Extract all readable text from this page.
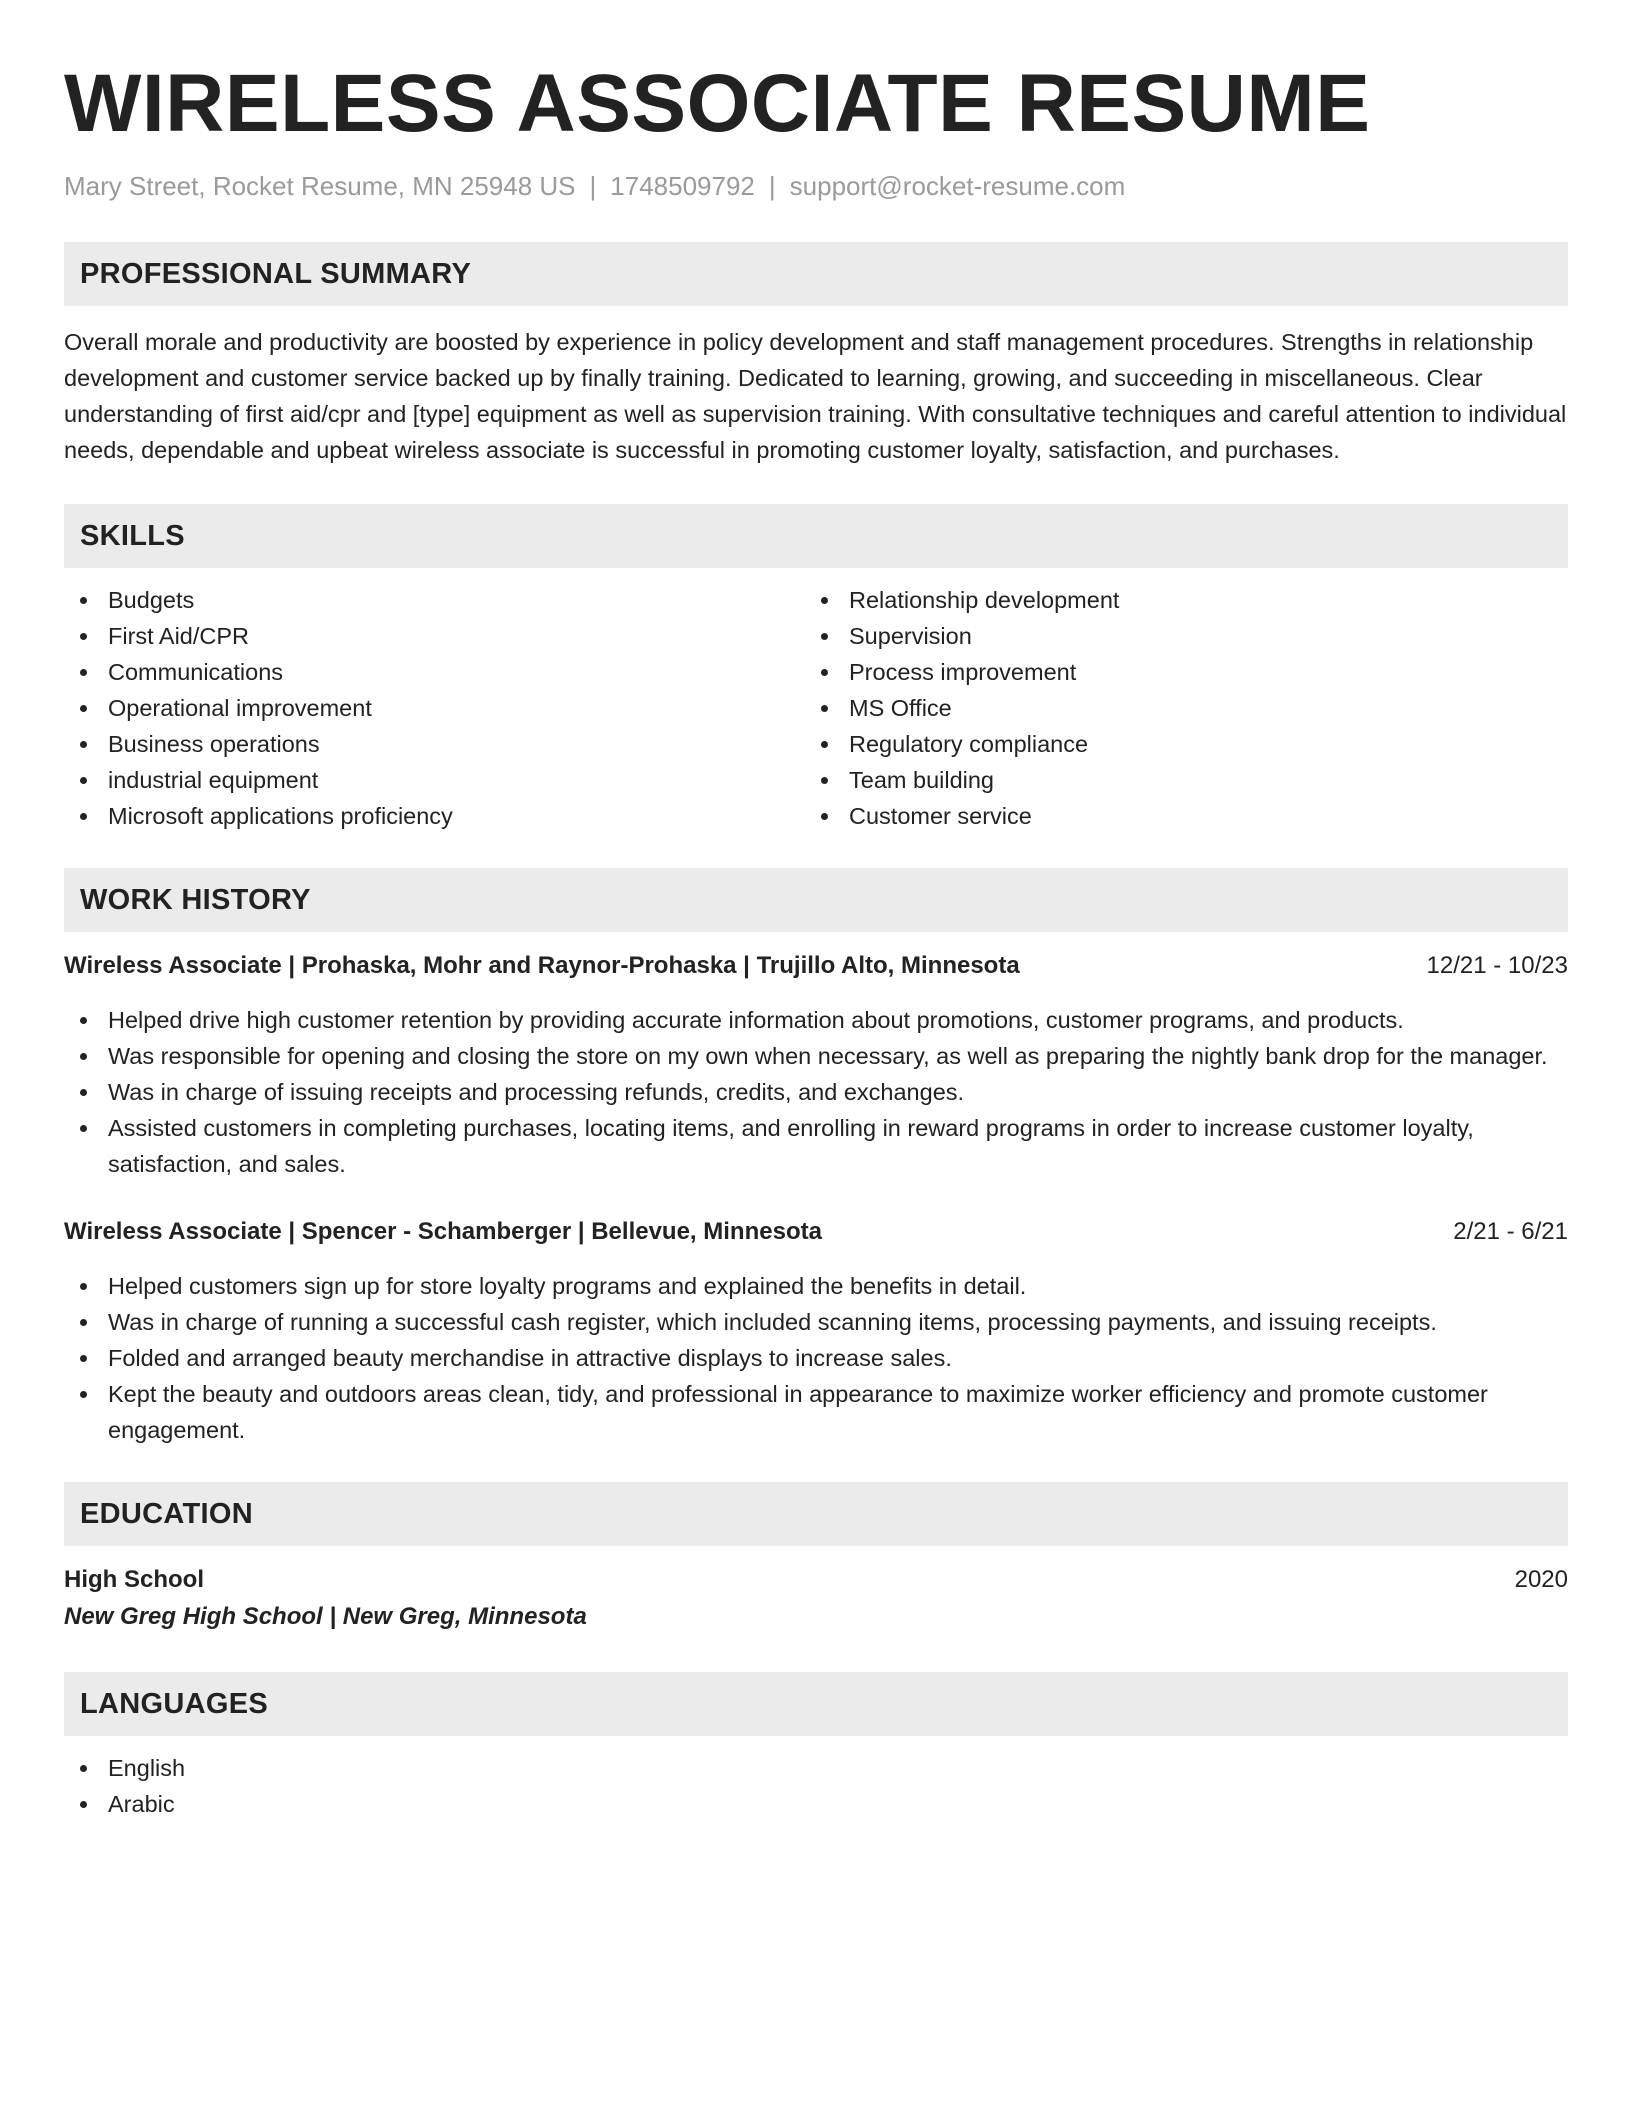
WIRELESS ASSOCIATE RESUME
Mary Street, Rocket Resume, MN 25948 US | 1748509792 | support@rocket-resume.com
PROFESSIONAL SUMMARY

Overall morale and productivity are boosted by experience in policy development and staff management procedures. Strengths in relationship development and customer service backed up by finally training. Dedicated to learning, growing, and succeeding in miscellaneous. Clear understanding of first aid/cpr and [type] equipment as well as supervision training. With consultative techniques and careful attention to individual needs, dependable and upbeat wireless associate is successful in promoting customer loyalty, satisfaction, and purchases.

SKILLS
Budgets
First Aid/CPR
Communications
Operational improvement
Business operations
industrial equipment
Microsoft applications proficiency
Relationship development
Supervision
Process improvement
MS Office
Regulatory compliance
Team building
Customer service
WORK HISTORY
Wireless Associate | Prohaska, Mohr and Raynor-Prohaska | Trujillo Alto, Minnesota	12/21 - 10/23
Helped drive high customer retention by providing accurate information about promotions, customer programs, and products.
Was responsible for opening and closing the store on my own when necessary, as well as preparing the nightly bank drop for the manager.
Was in charge of issuing receipts and processing refunds, credits, and exchanges.
Assisted customers in completing purchases, locating items, and enrolling in reward programs in order to increase customer loyalty, satisfaction, and sales.
Wireless Associate | Spencer - Schamberger | Bellevue, Minnesota	2/21 - 6/21
Helped customers sign up for store loyalty programs and explained the benefits in detail.
Was in charge of running a successful cash register, which included scanning items, processing payments, and issuing receipts.
Folded and arranged beauty merchandise in attractive displays to increase sales.
Kept the beauty and outdoors areas clean, tidy, and professional in appearance to maximize worker efficiency and promote customer engagement.
EDUCATION
High School	2020
New Greg High School | New Greg, Minnesota
LANGUAGES
English
Arabic
